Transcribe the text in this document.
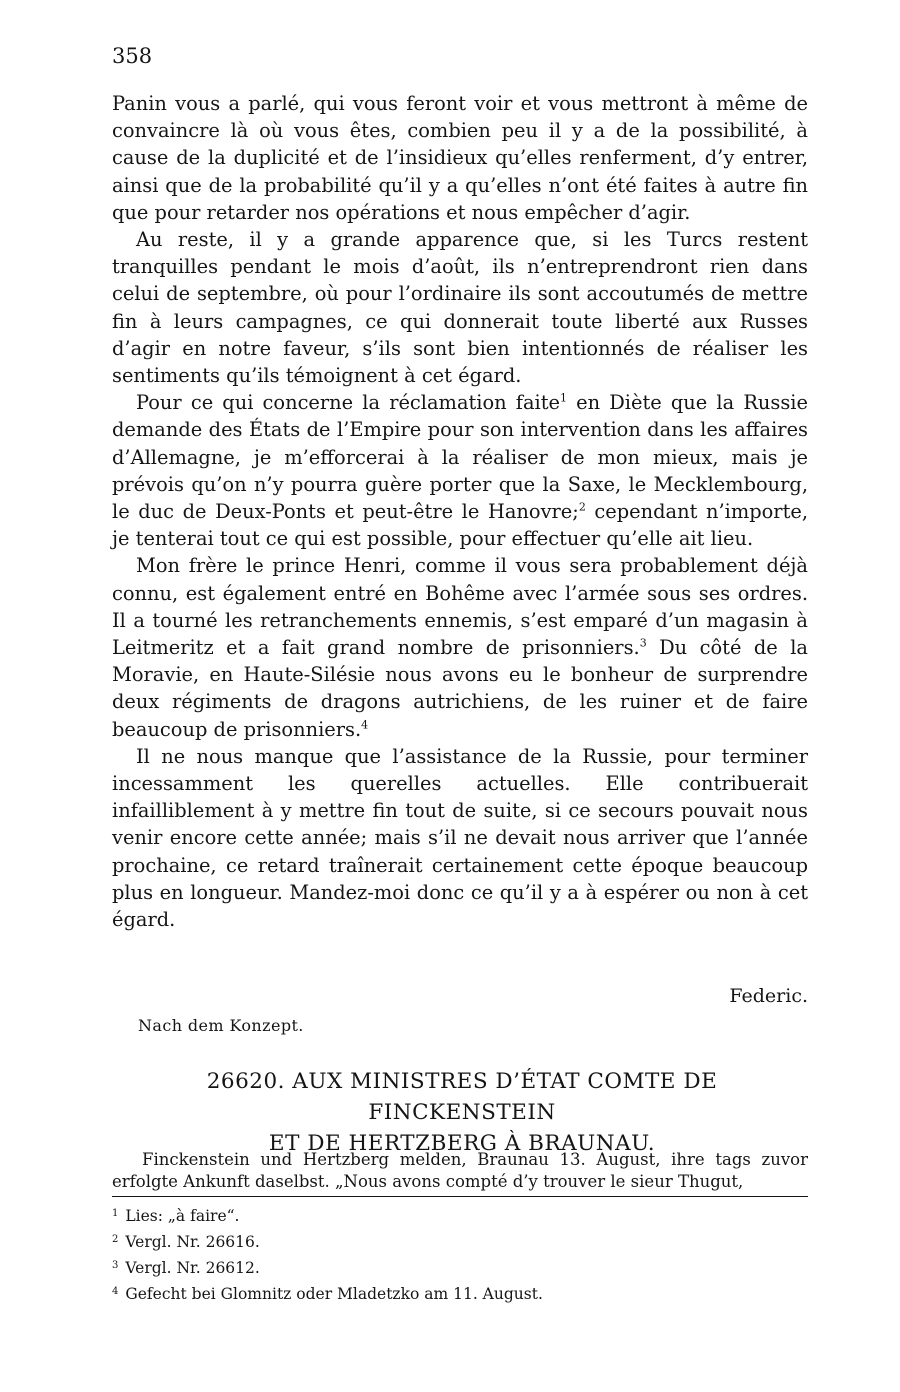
358

Panin vous a parlé, qui vous feront voir et vous mettront à même de convaincre là où vous êtes, combien peu il y a de la possibilité, à cause de la duplicité et de l’insidieux qu’elles renferment, d’y entrer, ainsi que de la probabilité qu’il y a qu’elles n’ont été faites à autre fin que pour retarder nos opérations et nous empêcher d’agir.

Au reste, il y a grande apparence que, si les Turcs restent tranquilles pendant le mois d’août, ils n’entreprendront rien dans celui de septembre, où pour l’ordinaire ils sont accoutumés de mettre fin à leurs campagnes, ce qui donnerait toute liberté aux Russes d’agir en notre faveur, s’ils sont bien intentionnés de réaliser les sentiments qu’ils témoignent à cet égard.

Pour ce qui concerne la réclamation faite$^1$ en Diète que la Russie demande des États de l’Empire pour son intervention dans les affaires d’Allemagne, je m’efforcerai à la réaliser de mon mieux, mais je prévois qu’on n’y pourra guère porter que la Saxe, le Mecklembourg, le duc de Deux-Ponts et peut-être le Hanovre;$^2$ cependant n’importe, je tenterai tout ce qui est possible, pour effectuer qu’elle ait lieu.

Mon frère le prince Henri, comme il vous sera probablement déjà connu, est également entré en Bohême avec l’armée sous ses ordres. Il a tourné les retranchements ennemis, s’est emparé d’un magasin à Leitmeritz et a fait grand nombre de prisonniers.$^3$ Du côté de la Moravie, en Haute-Silésie nous avons eu le bonheur de surprendre deux régiments de dragons autrichiens, de les ruiner et de faire beaucoup de prisonniers.$^4$

Il ne nous manque que l’assistance de la Russie, pour terminer incessamment les querelles actuelles. Elle contribuerait infailliblement à y mettre fin tout de suite, si ce secours pouvait nous venir encore cette année; mais s’il ne devait nous arriver que l’année prochaine, ce retard traînerait certainement cette époque beaucoup plus en longueur. Mandez-moi donc ce qu’il y a à espérer ou non à cet égard.

Federic.
Nach dem Konzept.
26620. AUX MINISTRES D’ÉTAT COMTE DE FINCKENSTEIN
ET DE HERTZBERG À BRAUNAU.
Finckenstein und Hertzberg melden, Braunau 13. August, ihre tags zuvor erfolgte Ankunft daselbst. „Nous avons compté d’y trouver le sieur Thugut,
$^1$ Lies: „à faire“.
$^2$ Vergl. Nr. 26616.
$^3$ Vergl. Nr. 26612.
$^4$ Gefecht bei Glomnitz oder Mladetzko am 11. August.
